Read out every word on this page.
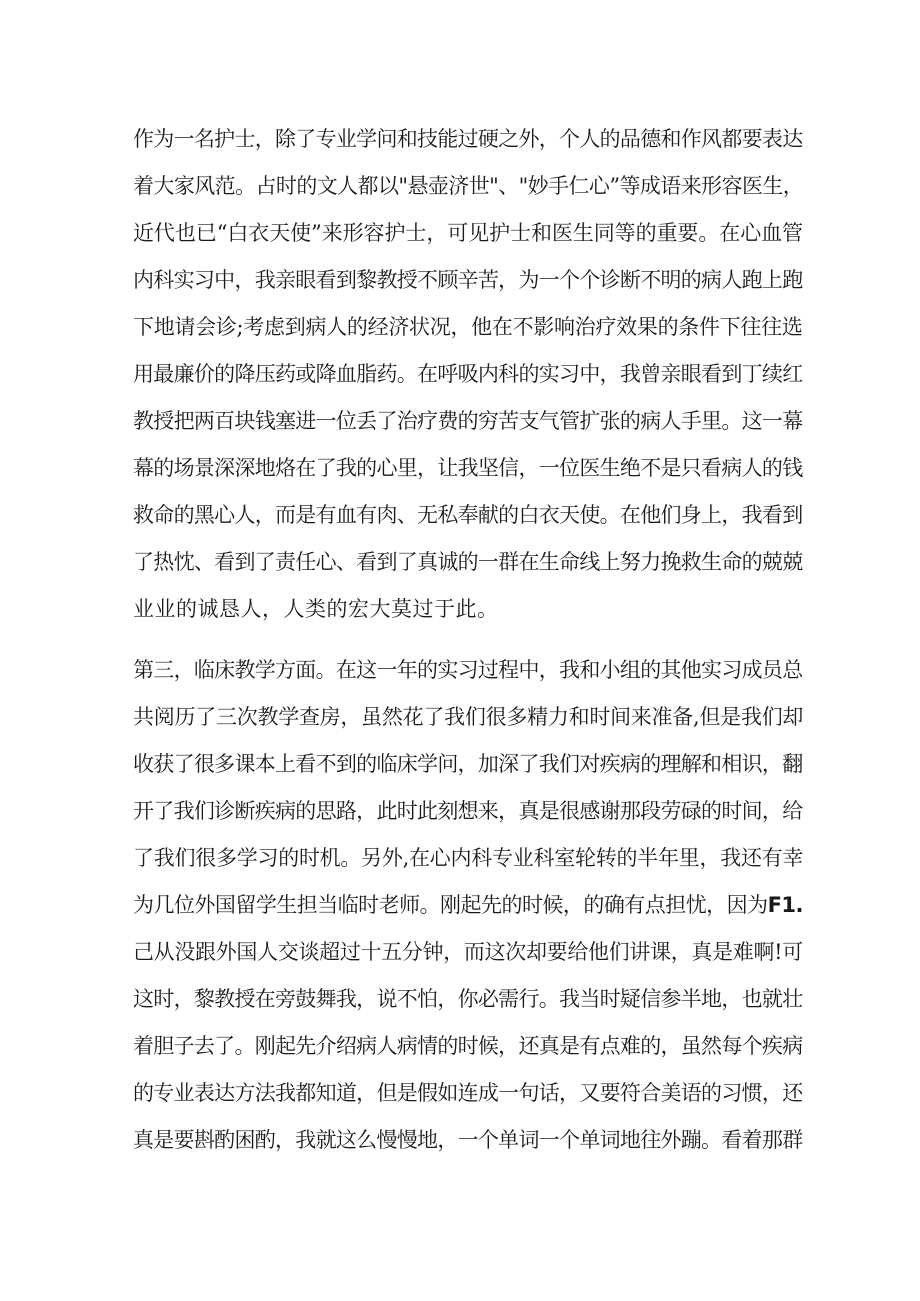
作为一名护士，除了专业学问和技能过硬之外，个人的品德和作风都要表达
着大家风范。占时的文人都以"悬壶济世"、"妙手仁心”等成语来形容医生，
近代也已“白衣天使”来形容护士，可见护士和医生同等的重要。在心血管
内科实习中，我亲眼看到黎教授不顾辛苦，为一个个诊断不明的病人跑上跑
下地请会诊;考虑到病人的经济状况，他在不影响治疗效果的条件下往往选
用最廉价的降压药或降血脂药。在呼吸内科的实习中，我曾亲眼看到丁续红
教授把两百块钱塞进一位丢了治疗费的穷苦支气管扩张的病人手里。这一幕
幕的场景深深地烙在了我的心里，让我坚信，一位医生绝不是只看病人的钱
救命的黑心人，而是有血有肉、无私奉献的白衣天使。在他们身上，我看到
了热忱、看到了责任心、看到了真诚的一群在生命线上努力挽救生命的兢兢
业业的诚恳人，人类的宏大莫过于此。
第三，临床教学方面。在这一年的实习过程中，我和小组的其他实习成员总
共阅历了三次教学查房，虽然花了我们很多精力和时间来准备,但是我们却
收获了很多课本上看不到的临床学问，加深了我们对疾病的理解和相识，翻
开了我们诊断疾病的思路，此时此刻想来，真是很感谢那段劳碌的时间，给
了我们很多学习的时机。另外,在心内科专业科室轮转的半年里，我还有幸
为几位外国留学生担当临时老师。刚起先的时候，的确有点担忧，因为F1.
己从没跟外国人交谈超过十五分钟，而这次却要给他们讲课，真是难啊!可
这时，黎教授在旁鼓舞我，说不怕，你必需行。我当时疑信参半地，也就壮
着胆子去了。刚起先介绍病人病情的时候，还真是有点难的，虽然每个疾病
的专业表达方法我都知道，但是假如连成一句话，又要符合美语的习惯，还
真是要斟酌困酌，我就这么慢慢地，一个单词一个单词地往外蹦。看着那群
